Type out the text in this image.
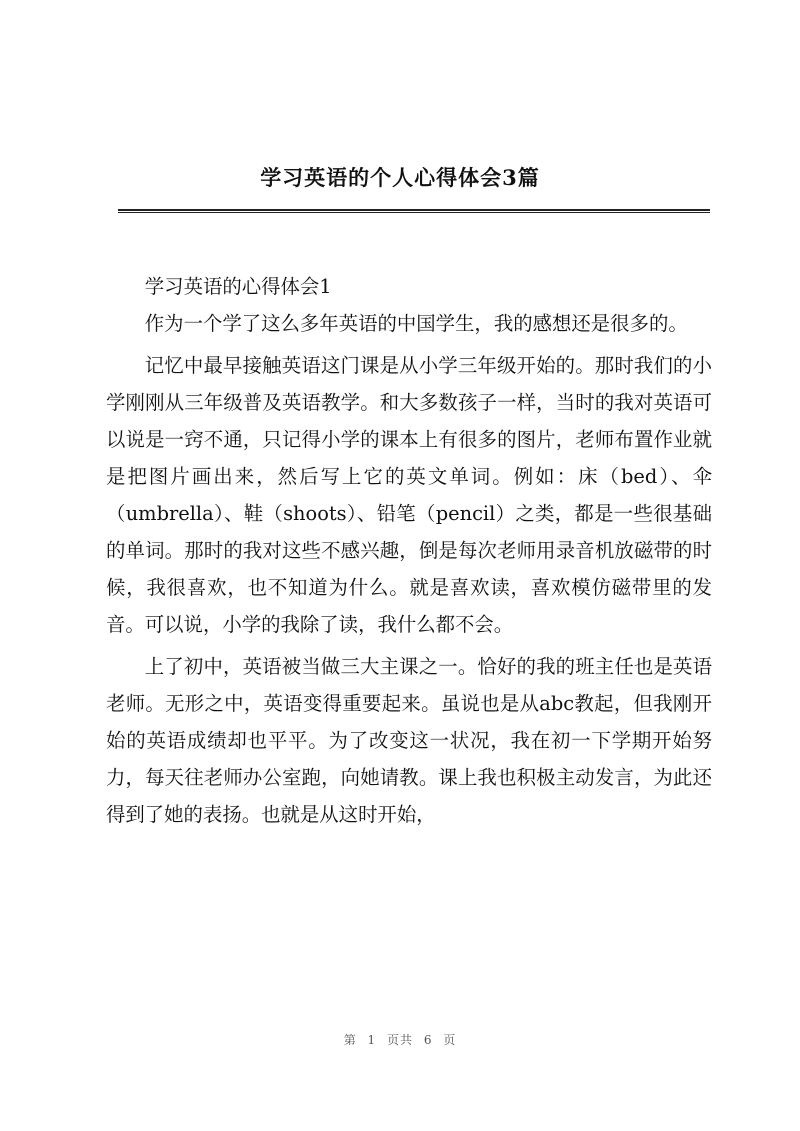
学习英语的个人心得体会3篇

学习英语的心得体会1

作为一个学了这么多年英语的中国学生，我的感想还是很多的。

记忆中最早接触英语这门课是从小学三年级开始的。那时我们的小学刚刚从三年级普及英语教学。和大多数孩子一样，当时的我对英语可以说是一窍不通，只记得小学的课本上有很多的图片，老师布置作业就是把图片画出来，然后写上它的英文单词。例如：床（bed）、伞（umbrella）、鞋（shoots）、铅笔（pencil）之类，都是一些很基础的单词。那时的我对这些不感兴趣，倒是每次老师用录音机放磁带的时候，我很喜欢，也不知道为什么。就是喜欢读，喜欢模仿磁带里的发音。可以说，小学的我除了读，我什么都不会。

上了初中，英语被当做三大主课之一。恰好的我的班主任也是英语老师。无形之中，英语变得重要起来。虽说也是从abc教起，但我刚开始的英语成绩却也平平。为了改变这一状况，我在初一下学期开始努力，每天往老师办公室跑，向她请教。课上我也积极主动发言，为此还得到了她的表扬。也就是从这时开始，

第 1 页共 6 页
